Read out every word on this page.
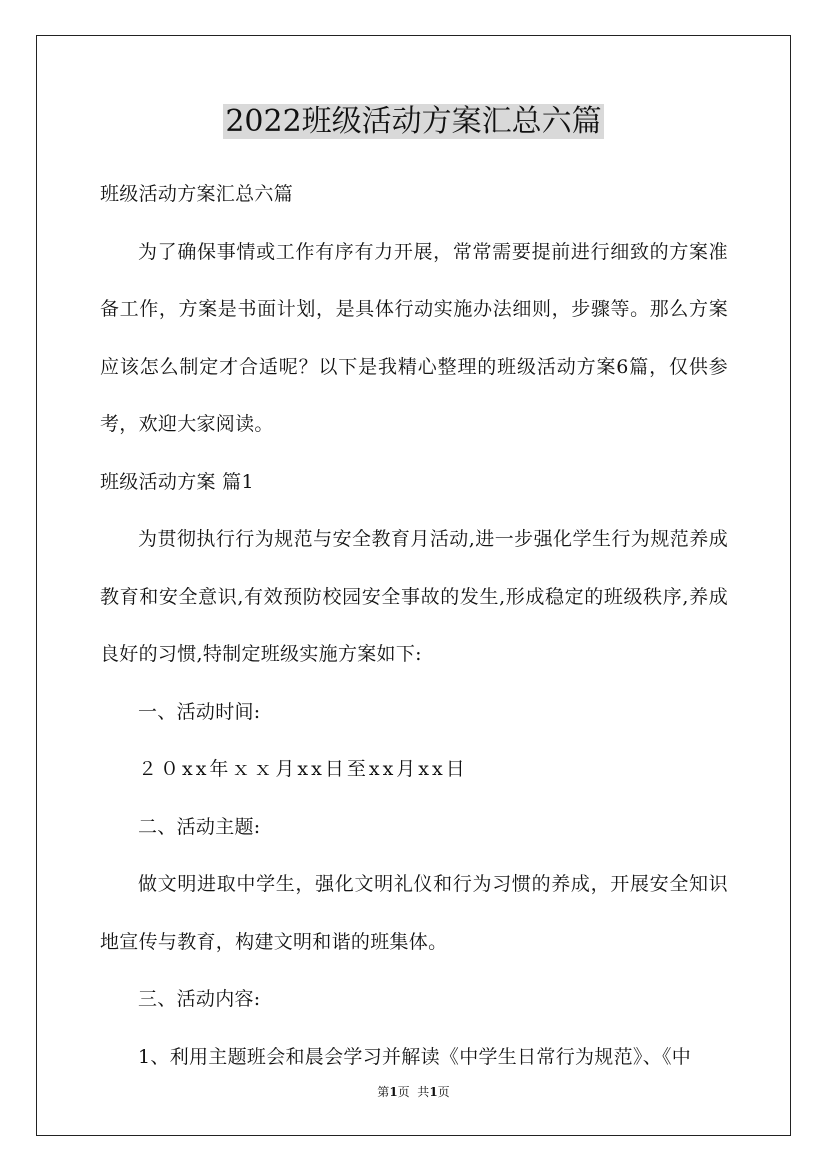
2022班级活动方案汇总六篇

班级活动方案汇总六篇

为了确保事情或工作有序有力开展，常常需要提前进行细致的方案准备工作，方案是书面计划，是具体行动实施办法细则，步骤等。那么方案应该怎么制定才合适呢？以下是我精心整理的班级活动方案6篇，仅供参考，欢迎大家阅读。

班级活动方案 篇1

为贯彻执行行为规范与安全教育月活动,进一步强化学生行为规范养成教育和安全意识,有效预防校园安全事故的发生,形成稳定的班级秩序,养成良好的习惯,特制定班级实施方案如下:

一、活动时间:

２０xx年ｘｘ月xx日至xx月xx日

二、活动主题:

做文明进取中学生，强化文明礼仪和行为习惯的养成，开展安全知识地宣传与教育，构建文明和谐的班集体。

三、活动内容:

1、利用主题班会和晨会学习并解读《中学生日常行为规范》、《中

第1页  共1页
